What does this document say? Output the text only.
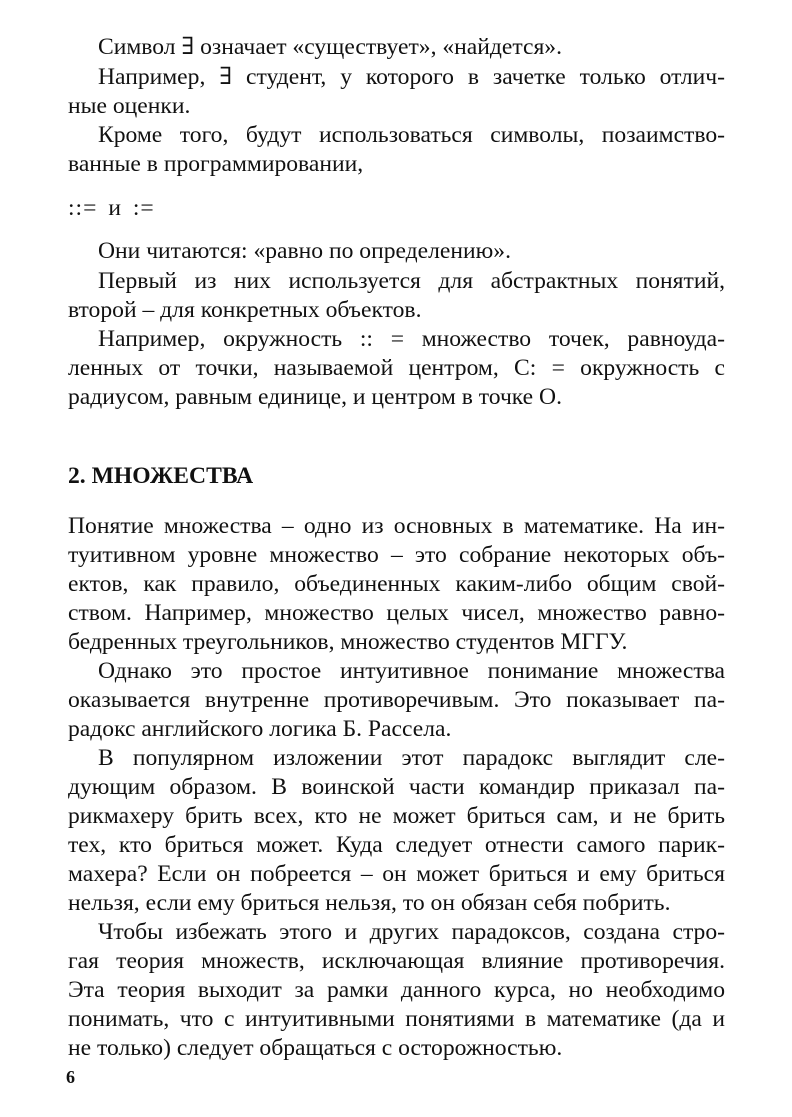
Символ ∃ означает «существует», «найдется».

Например, ∃ студент, у которого в зачетке только отлич-

ные оценки.

Кроме того, будут использоваться символы, позаимство-

ванные в программировании,

::= и :=

Они читаются: «равно по определению».

Первый из них используется для абстрактных понятий,

второй – для конкретных объектов.

Например, окружность :: = множество точек, равноуда-

ленных от точки, называемой центром, С: = окружность с

радиусом, равным единице, и центром в точке О.

2. МНОЖЕСТВА

Понятие множества – одно из основных в математике. На ин-

туитивном уровне множество – это собрание некоторых объ-

ектов, как правило, объединенных каким-либо общим свой-

ством. Например, множество целых чисел, множество равно-

бедренных треугольников, множество студентов МГГУ.

Однако это простое интуитивное понимание множества

оказывается внутренне противоречивым. Это показывает па-

радокс английского логика Б. Рассела.

В популярном изложении этот парадокс выглядит сле-

дующим образом. В воинской части командир приказал па-

рикмахеру брить всех, кто не может бриться сам, и не брить

тех, кто бриться может. Куда следует отнести самого парик-

махера? Если он побреется – он может бриться и ему бриться

нельзя, если ему бриться нельзя, то он обязан себя побрить.

Чтобы избежать этого и других парадоксов, создана стро-

гая теория множеств, исключающая влияние противоречия.

Эта теория выходит за рамки данного курса, но необходимо

понимать, что с интуитивными понятиями в математике (да и

не только) следует обращаться с осторожностью.

6
